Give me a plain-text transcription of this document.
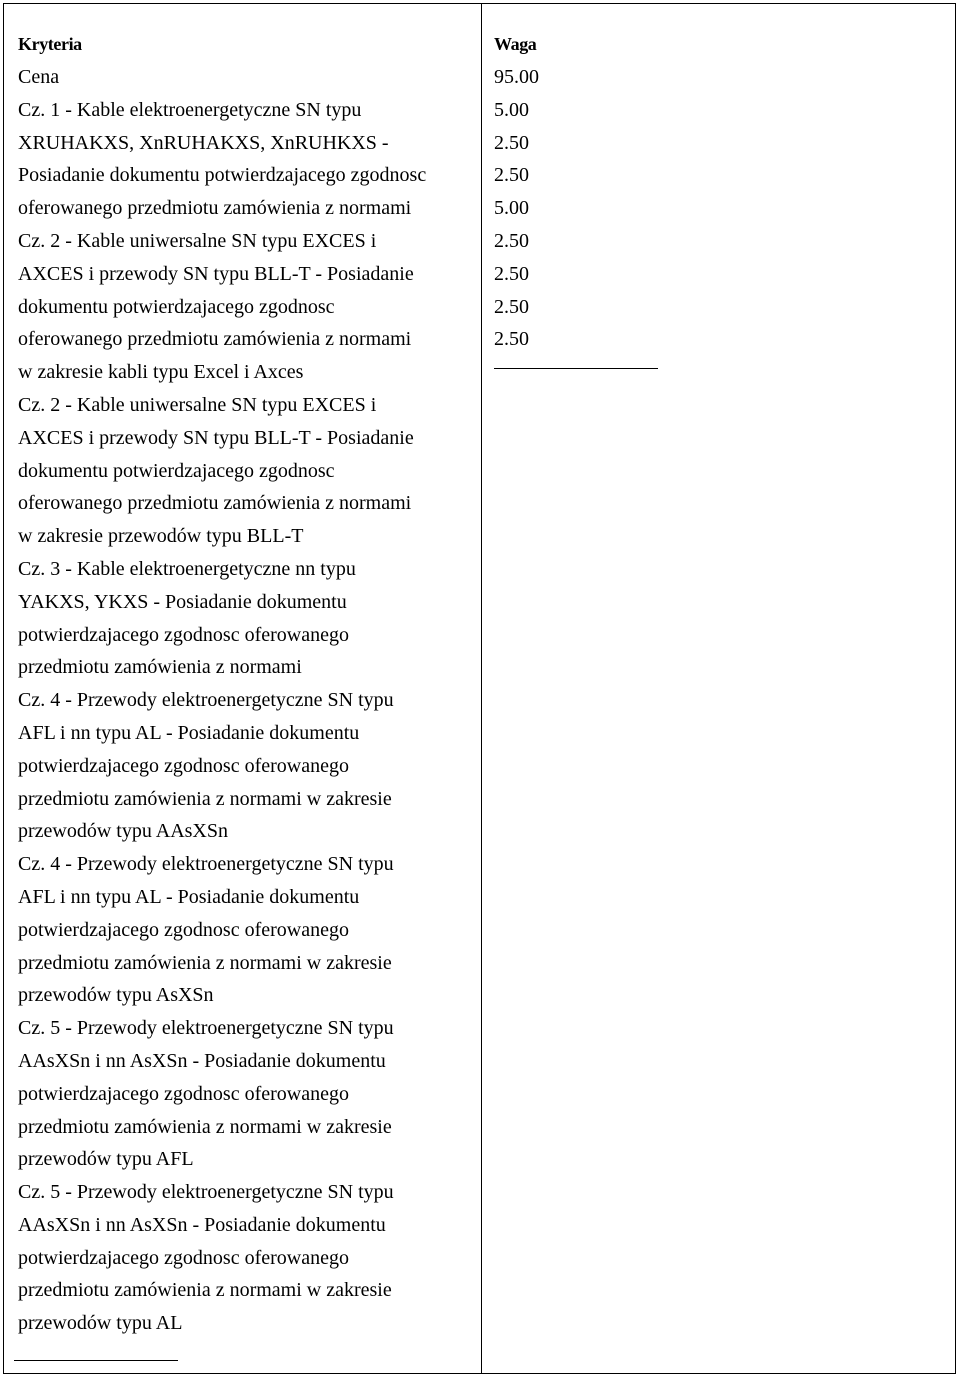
Kryteria
Cena
Cz. 1 - Kable elektroenergetyczne SN typu
XRUHAKXS, XnRUHAKXS, XnRUHKXS -
Posiadanie dokumentu potwierdzajacego zgodnosc
oferowanego przedmiotu zamówienia z normami
Cz. 2 - Kable uniwersalne SN typu EXCES i
AXCES i przewody SN typu BLL-T - Posiadanie
dokumentu potwierdzajacego zgodnosc
oferowanego przedmiotu zamówienia z normami
w zakresie kabli typu Excel i Axces
Cz. 2 - Kable uniwersalne SN typu EXCES i
AXCES i przewody SN typu BLL-T - Posiadanie
dokumentu potwierdzajacego zgodnosc
oferowanego przedmiotu zamówienia z normami
w zakresie przewodów typu BLL-T
Cz. 3 - Kable elektroenergetyczne nn typu
YAKXS, YKXS - Posiadanie dokumentu
potwierdzajacego zgodnosc oferowanego
przedmiotu zamówienia z normami
Cz. 4 - Przewody elektroenergetyczne SN typu
AFL i nn typu AL - Posiadanie dokumentu
potwierdzajacego zgodnosc oferowanego
przedmiotu zamówienia z normami w zakresie
przewodów typu AAsXSn
Cz. 4 - Przewody elektroenergetyczne SN typu
AFL i nn typu AL - Posiadanie dokumentu
potwierdzajacego zgodnosc oferowanego
przedmiotu zamówienia z normami w zakresie
przewodów typu AsXSn
Cz. 5 - Przewody elektroenergetyczne SN typu
AAsXSn i nn AsXSn - Posiadanie dokumentu
potwierdzajacego zgodnosc oferowanego
przedmiotu zamówienia z normami w zakresie
przewodów typu AFL
Cz. 5 - Przewody elektroenergetyczne SN typu
AAsXSn i nn AsXSn - Posiadanie dokumentu
potwierdzajacego zgodnosc oferowanego
przedmiotu zamówienia z normami w zakresie
przewodów typu AL
Waga
95.00
5.00
2.50
2.50
5.00
2.50
2.50
2.50
2.50
